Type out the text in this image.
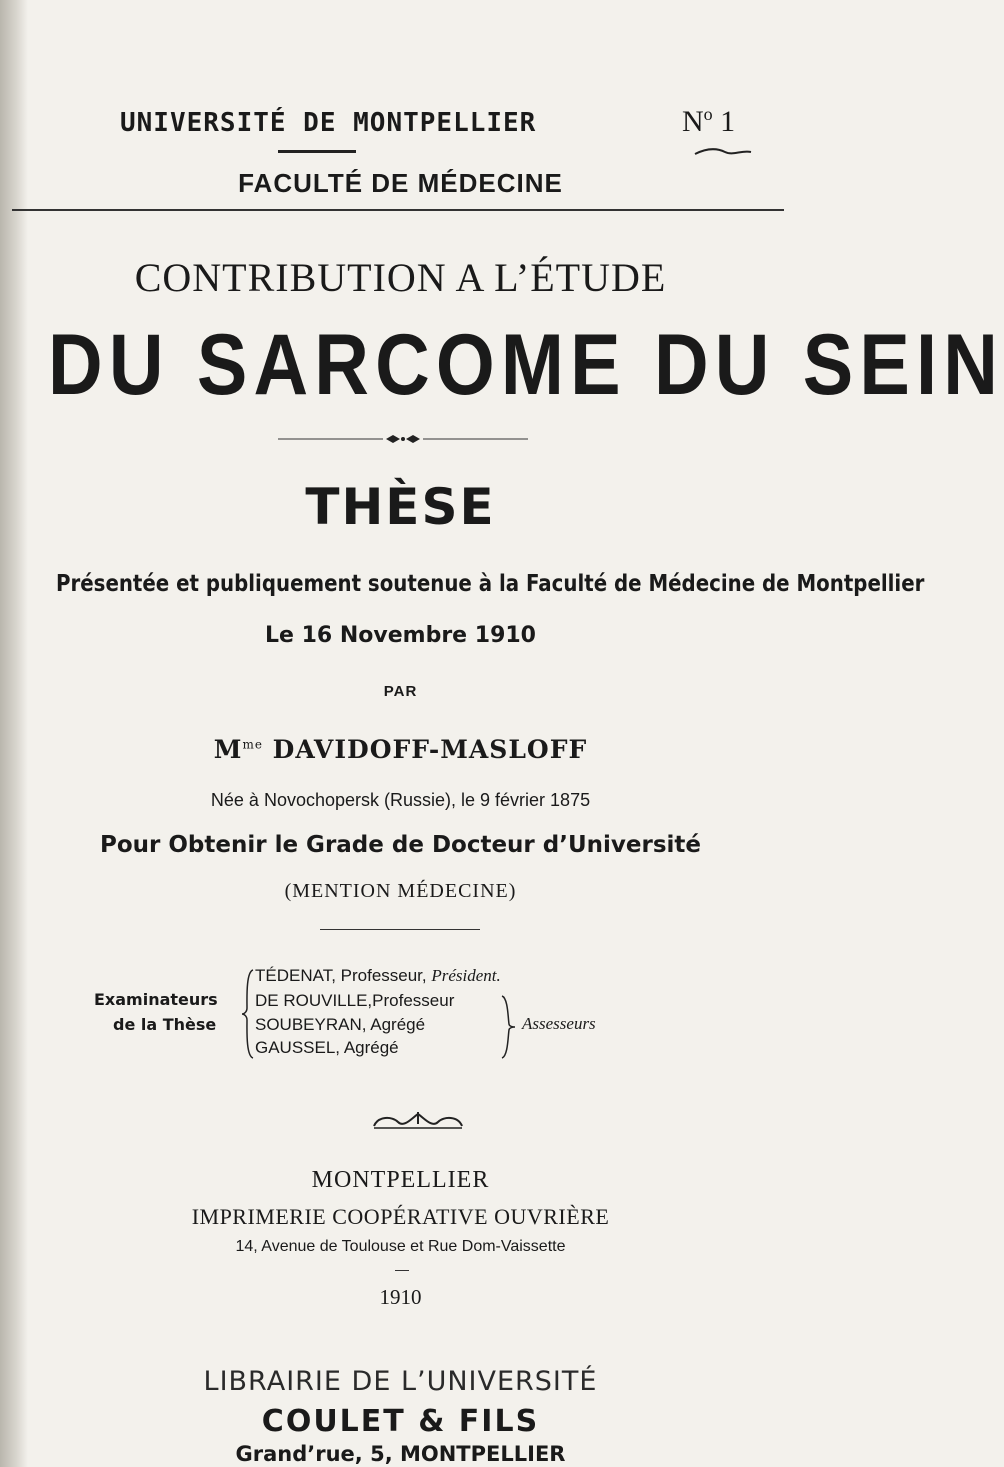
UNIVERSITÉ DE MONTPELLIER	$N^o$ 1
FACULTÉ DE MÉDECINE
CONTRIBUTION A L’ÉTUDE
DU SARCOME DU SEIN
THÈSE
Présentée et publiquement soutenue à la Faculté de Médecine de Montpellier
Le 16 Novembre 1910
PAR
$M^{me}$ DAVIDOFF-MASLOFF
Née à Novochopersk (Russie), le 9 février 1875
Pour Obtenir le Grade de Docteur d’Université
(MENTION MÉDECINE)
Examinateurs
de la Thèse
TÉDENAT, Professeur, Président.
DE ROUVILLE,Professeur
SOUBEYRAN, Agrégé
GAUSSEL, Agrégé
Assesseurs
MONTPELLIER
IMPRIMERIE COOPÉRATIVE OUVRIÈRE
14, Avenue de Toulouse et Rue Dom-Vaissette
1910
LIBRAIRIE DE L’UNIVERSITÉ
COULET & FILS
Grand’rue, 5, MONTPELLIER
